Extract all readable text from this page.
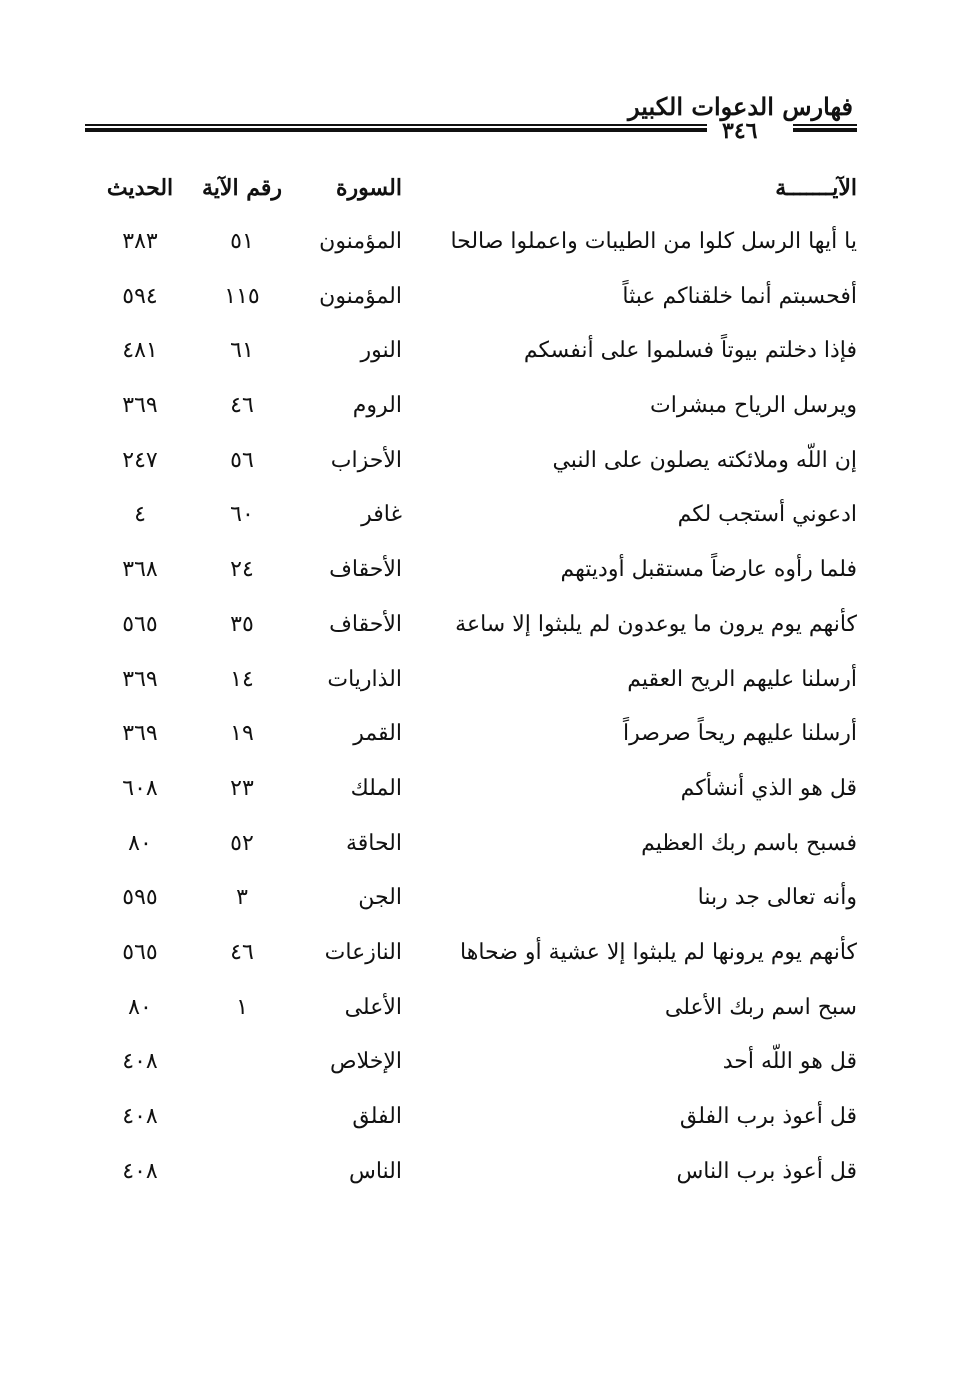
فهارس الدعوات الكبير
٣٤٦
الآيـــــــة
السورة
رقم الآية
الحديث
يا أيها الرسل كلوا من الطيبات واعملوا صالحا
المؤمنون
٥١
٣٨٣
أفحسبتم أنما خلقناكم عبثاً
المؤمنون
١١٥
٥٩٤
فإذا دخلتم بيوتاً فسلموا على أنفسكم
النور
٦١
٤٨١
ويرسل الرياح مبشرات
الروم
٤٦
٣٦٩
إن اللّه وملائكته يصلون على النبي
الأحزاب
٥٦
٢٤٧
ادعوني أستجب لكم
غافر
٦٠
٤
فلما رأوه عارضاً مستقبل أوديتهم
الأحقاف
٢٤
٣٦٨
كأنهم يوم يرون ما يوعدون لم يلبثوا إلا ساعة
الأحقاف
٣٥
٥٦٥
أرسلنا عليهم الريح العقيم
الذاريات
١٤
٣٦٩
أرسلنا عليهم ريحاً صرصراً
القمر
١٩
٣٦٩
قل هو الذي أنشأكم
الملك
٢٣
٦٠٨
فسبح باسم ربك العظيم
الحاقة
٥٢
٨٠
وأنه تعالى جد ربنا
الجن
٣
٥٩٥
كأنهم يوم يرونها لم يلبثوا إلا عشية أو ضحاها
النازعات
٤٦
٥٦٥
سبح اسم ربك الأعلى
الأعلى
١
٨٠
قل هو اللّه أحد
الإخلاص
٤٠٨
قل أعوذ برب الفلق
الفلق
٤٠٨
قل أعوذ برب الناس
الناس
٤٠٨
